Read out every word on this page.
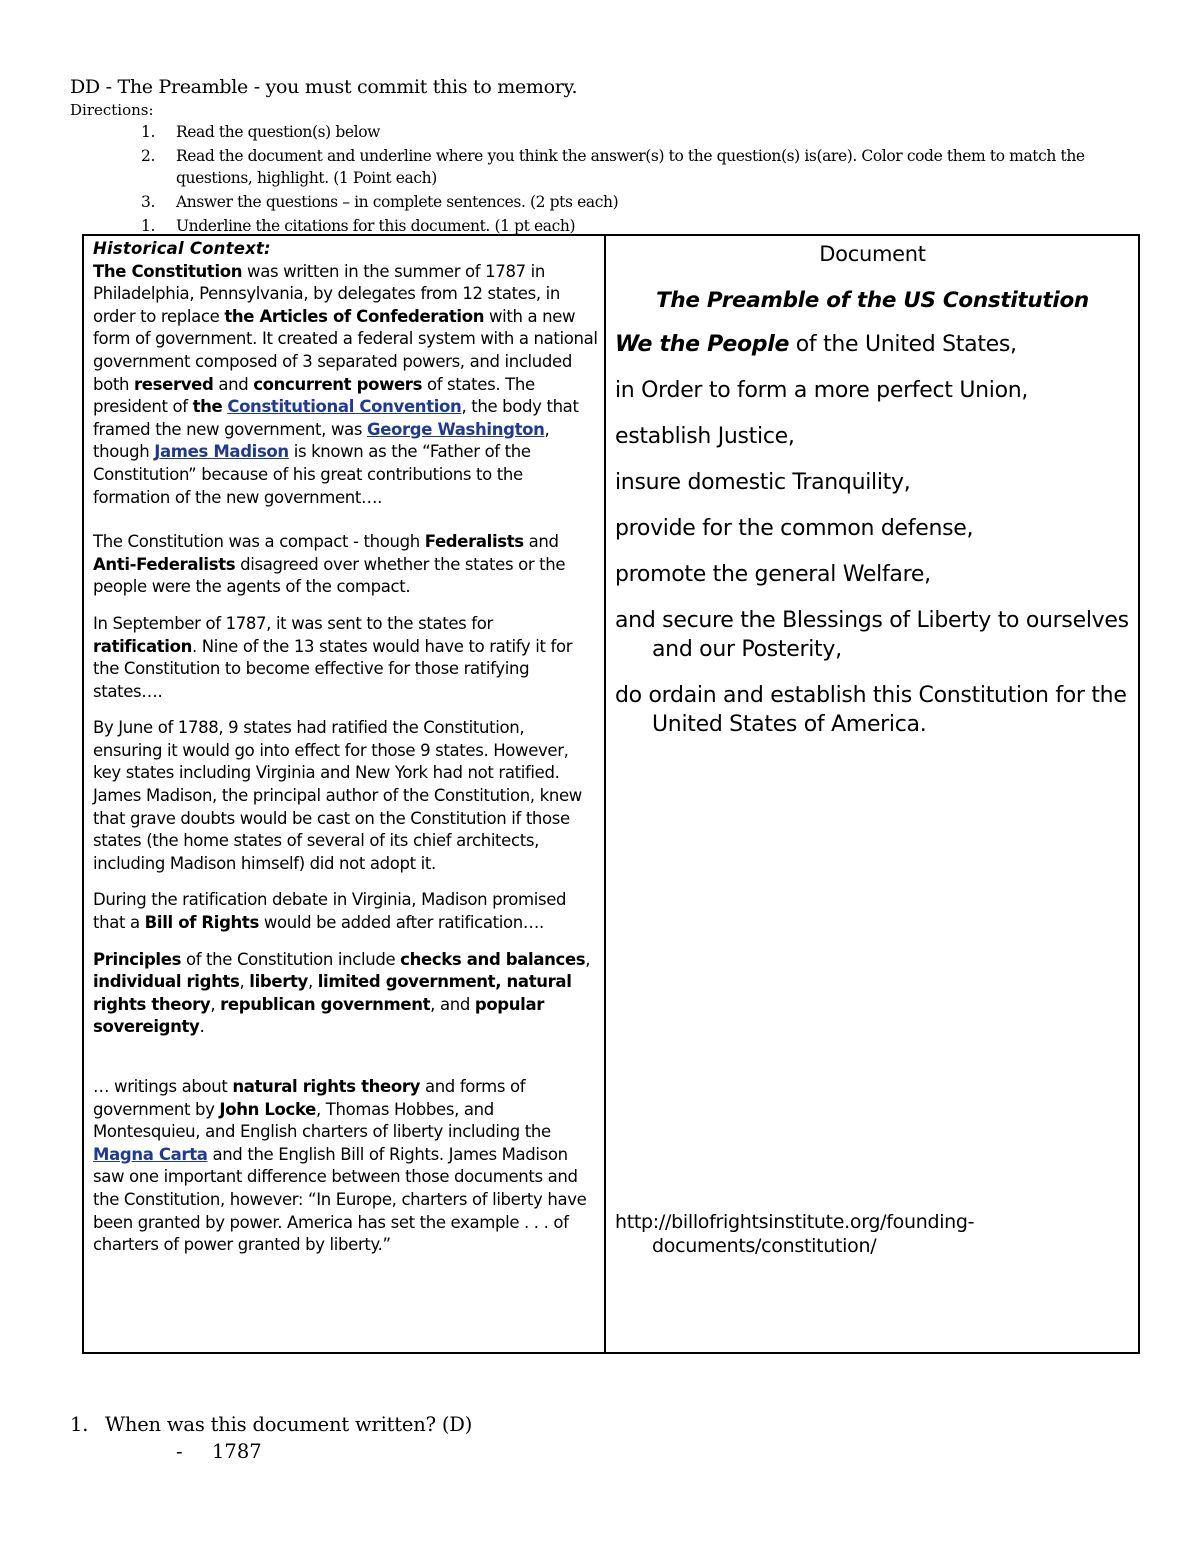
DD - The Preamble - you must commit this to memory.
Directions:
1. Read the question(s) below
2. Read the document and underline where you think the answer(s) to the question(s) is(are). Color code them to match the questions, highlight. (1 Point each)
3. Answer the questions – in complete sentences. (2 pts each)
1. Underline the citations for this document. (1 pt each)

Historical Context:

The Constitution was written in the summer of 1787 in Philadelphia, Pennsylvania, by delegates from 12 states, in order to replace the Articles of Confederation with a new form of government. It created a federal system with a national government composed of 3 separated powers, and included both reserved and concurrent powers of states. The president of the Constitutional Convention, the body that framed the new government, was George Washington, though James Madison is known as the “Father of the Constitution” because of his great contributions to the formation of the new government….

The Constitution was a compact - though Federalists and Anti-Federalists disagreed over whether the states or the people were the agents of the compact.

In September of 1787, it was sent to the states for ratification. Nine of the 13 states would have to ratify it for the Constitution to become effective for those ratifying states….

By June of 1788, 9 states had ratified the Constitution, ensuring it would go into effect for those 9 states. However, key states including Virginia and New York had not ratified. James Madison, the principal author of the Constitution, knew that grave doubts would be cast on the Constitution if those states (the home states of several of its chief architects, including Madison himself) did not adopt it.

During the ratification debate in Virginia, Madison promised that a Bill of Rights would be added after ratification….

Principles of the Constitution include checks and balances, individual rights, liberty, limited government, natural rights theory, republican government, and popular sovereignty.

… writings about natural rights theory and forms of government by John Locke, Thomas Hobbes, and Montesquieu, and English charters of liberty including the Magna Carta and the English Bill of Rights. James Madison saw one important difference between those documents and the Constitution, however: “In Europe, charters of liberty have been granted by power. America has set the example . . . of charters of power granted by liberty.”

Document
The Preamble of the US Constitution
We the People of the United States,
in Order to form a more perfect Union,
establish Justice,
insure domestic Tranquility,
provide for the common defense,
promote the general Welfare,
and secure the Blessings of Liberty to ourselves and our Posterity,
do ordain and establish this Constitution for the United States of America.
http://billofrightsinstitute.org/founding-documents/constitution/
1. When was this document written? (D)
- 1787
